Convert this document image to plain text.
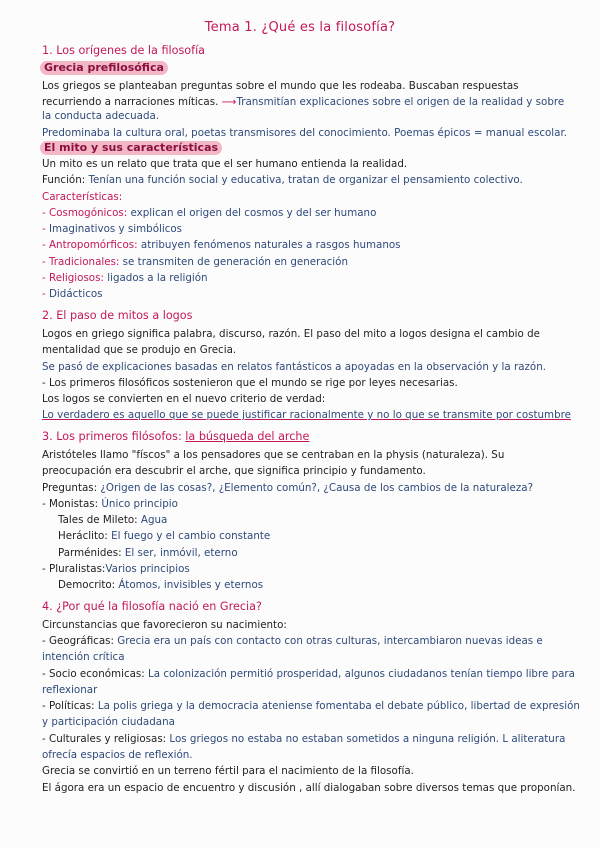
Tema 1. ¿Qué es la filosofía?
1. Los orígenes de la filosofía
Grecia prefilosófica
Los griegos se planteaban preguntas sobre el mundo que les rodeaba. Buscaban respuestas
recurriendo a narraciones míticas. ⟶Transmitían explicaciones sobre el origen de la realidad y sobre
la conducta adecuada.
Predominaba la cultura oral, poetas transmisores del conocimiento. Poemas épicos = manual escolar.
El mito y sus características
Un mito es un relato que trata que el ser humano entienda la realidad.
Función: Tenían una función social y educativa, tratan de organizar el pensamiento colectivo.
Características:
- Cosmogónicos: explican el origen del cosmos y del ser humano
- Imaginativos y simbólicos
- Antropomórficos: atribuyen fenómenos naturales a rasgos humanos
- Tradicionales: se transmiten de generación en generación
- Religiosos: ligados a la religión
- Didácticos
2. El paso de mitos a logos
Logos en griego significa palabra, discurso, razón. El paso del mito a logos designa el cambio de
mentalidad que se produjo en Grecia.
Se pasó de explicaciones basadas en relatos fantásticos a apoyadas en la observación y la razón.
- Los primeros filosóficos sostenieron que el mundo se rige por leyes necesarias.
Los logos se convierten en el nuevo criterio de verdad:
Lo verdadero es aquello que se puede justificar racionalmente y no lo que se transmite por costumbre
3. Los primeros filósofos: la búsqueda del arche
Aristóteles llamo "físcos" a los pensadores que se centraban en la physis (naturaleza). Su
preocupación era descubrir el arche, que significa principio y fundamento.
Preguntas: ¿Origen de las cosas?, ¿Elemento común?, ¿Causa de los cambios de la naturaleza?
- Monistas: Único principio
Tales de Mileto: Agua
Heráclito: El fuego y el cambio constante
Parménides: El ser, inmóvil, eterno
- Pluralistas:Varios principios
Democrito: Átomos, invisibles y eternos
4. ¿Por qué la filosofía nació en Grecia?
Circunstancias que favorecieron su nacimiento:
- Geográficas: Grecia era un país con contacto con otras culturas, intercambiaron nuevas ideas e
intención crítica
- Socio económicas: La colonización permitió prosperidad, algunos ciudadanos tenían tiempo libre para
reflexionar
- Políticas: La polis griega y la democracia ateniense fomentaba el debate público, libertad de expresión
y participación ciudadana
- Culturales y religiosas: Los griegos no estaba no estaban sometidos a ninguna religión. L aliteratura
ofrecía espacios de reflexión.
Grecia se convirtió en un terreno fértil para el nacimiento de la filosofía.
El ágora era un espacio de encuentro y discusión , allí dialogaban sobre diversos temas que proponían.
